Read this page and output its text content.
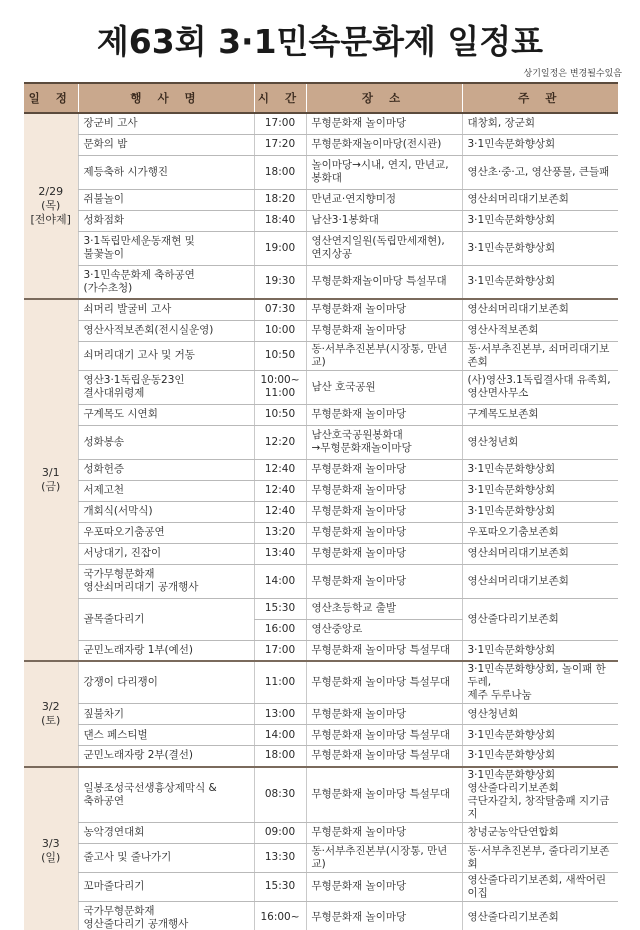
제63회 3·1민속문화제 일정표
상기일정은 변경될수있음
일 정	행 사 명	시 간	장 소	주 관

2/29
(목)
[전야제]	장군비 고사	17:00	무형문화재 놀이마당	대창회, 장군회

	문화의 밤	17:20	무형문화재놀이마당(전시관)	3·1민속문화향상회

	제등축하 시가행진	18:00	놀이마당→시내, 연지, 만년교,
봉화대	영산초·중·고, 영산풍물, 큰들패

	쥐불놀이	18:20	만년교·연지향미정	영산쇠머리대기보존회

	성화점화	18:40	남산3·1봉화대	3·1민속문화향상회

	3·1독립만세운동재현 및
불꽃놀이	19:00	영산연지일원(독립만세재현),
연지상공	3·1민속문화향상회

	3·1민속문화제 축하공연
(가수초청)	19:30	무형문화재놀이마당 특설무대	3·1민속문화향상회

3/1
(금)	쇠머리 발굴비 고사	07:30	무형문화재 놀이마당	영산쇠머리대기보존회

	영산사적보존회(전시실운영)	10:00	무형문화재 놀이마당	영산사적보존회

	쇠머리대기 고사 및 거동	10:50	동·서부추진본부(시장통, 만년교)	동·서부추진본부, 쇠머리대기보존회

	영산3·1독립운동23인
결사대위령제	10:00~
11:00	남산 호국공원	(사)영산3.1독립결사대 유족회,
영산면사무소

	구계목도 시연회	10:50	무형문화재 놀이마당	구계목도보존회

	성화봉송	12:20	남산호국공원봉화대
→무형문화재놀이마당	영산청년회

	성화헌증	12:40	무형문화재 놀이마당	3·1민속문화향상회

	서제고천	12:40	무형문화재 놀이마당	3·1민속문화향상회

	개회식(서막식)	12:40	무형문화재 놀이마당	3·1민속문화향상회

	우포따오기춤공연	13:20	무형문화재 놀이마당	우포따오기춤보존회

	서낭대기, 진잡이	13:40	무형문화재 놀이마당	영산쇠머리대기보존회

	국가무형문화재
영산쇠머리대기 공개행사	14:00	무형문화재 놀이마당	영산쇠머리대기보존회

	골목줄다리기	15:30	영산초등학교 출발	영산줄다리기보존회

		16:00	영산중앙로	

	군민노래자랑 1부(예선)	17:00	무형문화재 놀이마당 특설무대	3·1민속문화향상회

3/2
(토)	강쟁이 다리쟁이	11:00	무형문화재 놀이마당 특설무대	3·1민속문화향상회, 놀이패 한두레,
제주 두루나눔

	짚불차기	13:00	무형문화재 놀이마당	영산청년회

	댄스 페스티벌	14:00	무형문화재 놀이마당 특설무대	3·1민속문화향상회

	군민노래자랑 2부(결선)	18:00	무형문화재 놀이마당 특설무대	3·1민속문화향상회

3/3
(일)	일봉조성국선생흉상제막식 &
축하공연	08:30	무형문화재 놀이마당 특설무대	3·1민속문화향상회
영산줄다리기보존회
극단자갈치, 창작탈춤패 지기금지

	농악경연대회	09:00	무형문화재 놀이마당	창녕군농악단연합회

	줄고사 및 줄나가기	13:30	동·서부추진본부(시장통, 만년교)	동·서부추진본부, 줄다리기보존회

	꼬마줄다리기	15:30	무형문화재 놀이마당	영산줄다리기보존회, 새싹어린이집

	국가무형문화재
영산줄다리기 공개행사	16:00~	무형문화재 놀이마당	영산줄다리기보존회
